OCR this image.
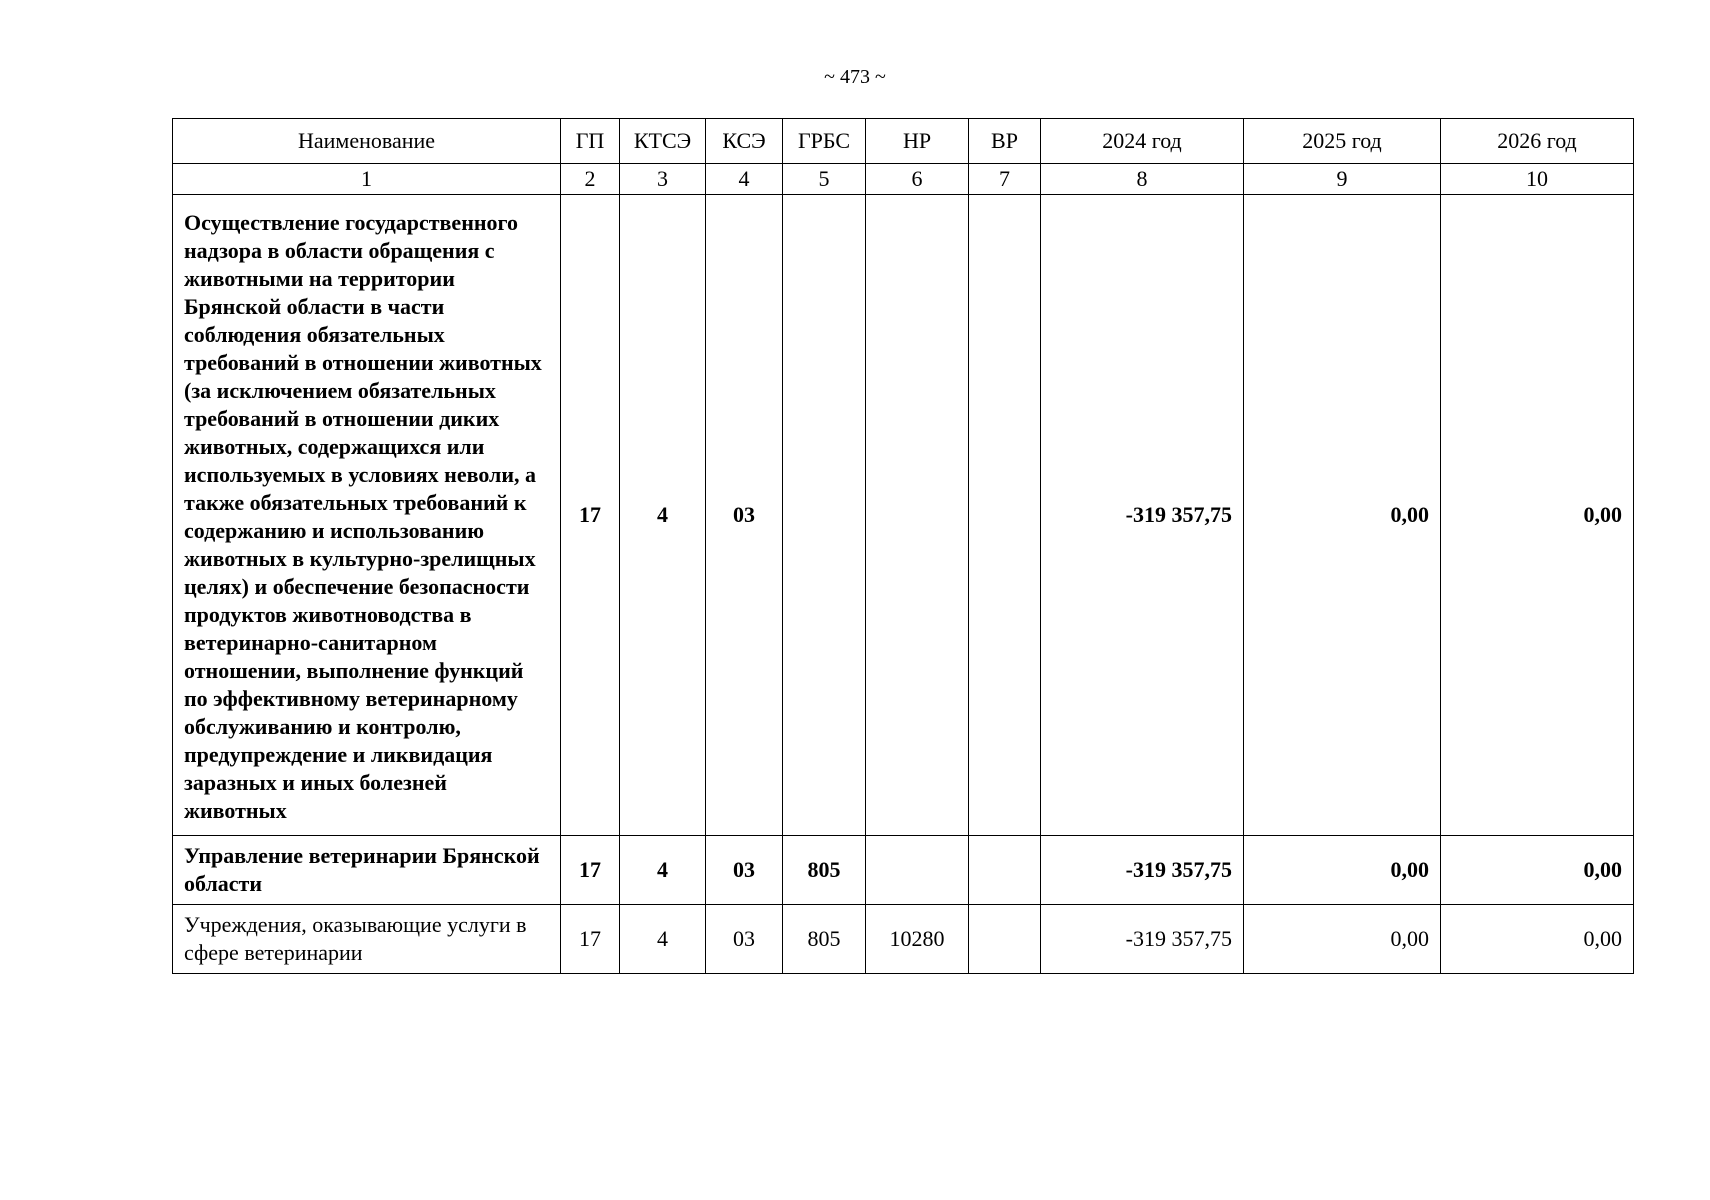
~ 473 ~
Наименование	ГП	КТСЭ	КСЭ	ГРБС	НР	ВР	2024 год	2025 год	2026 год
1	2	3	4	5	6	7	8	9	10
Осуществление государственного надзора в области обращения с животными на территории Брянской области в части соблюдения обязательных требований в отношении животных (за исключением обязательных требований в отношении диких животных, содержащихся или используемых в условиях неволи, а также обязательных требований к содержанию и использованию животных в культурно-зрелищных целях) и обеспечение безопасности продуктов животноводства в ветеринарно-санитарном отношении, выполнение функций по эффективному ветеринарному обслуживанию и контролю, предупреждение и ликвидация заразных и иных болезней животных	17	4	03				-319 357,75	0,00	0,00
Управление ветеринарии Брянской области	17	4	03	805			-319 357,75	0,00	0,00
Учреждения, оказывающие услуги в сфере ветеринарии	17	4	03	805	10280		-319 357,75	0,00	0,00
